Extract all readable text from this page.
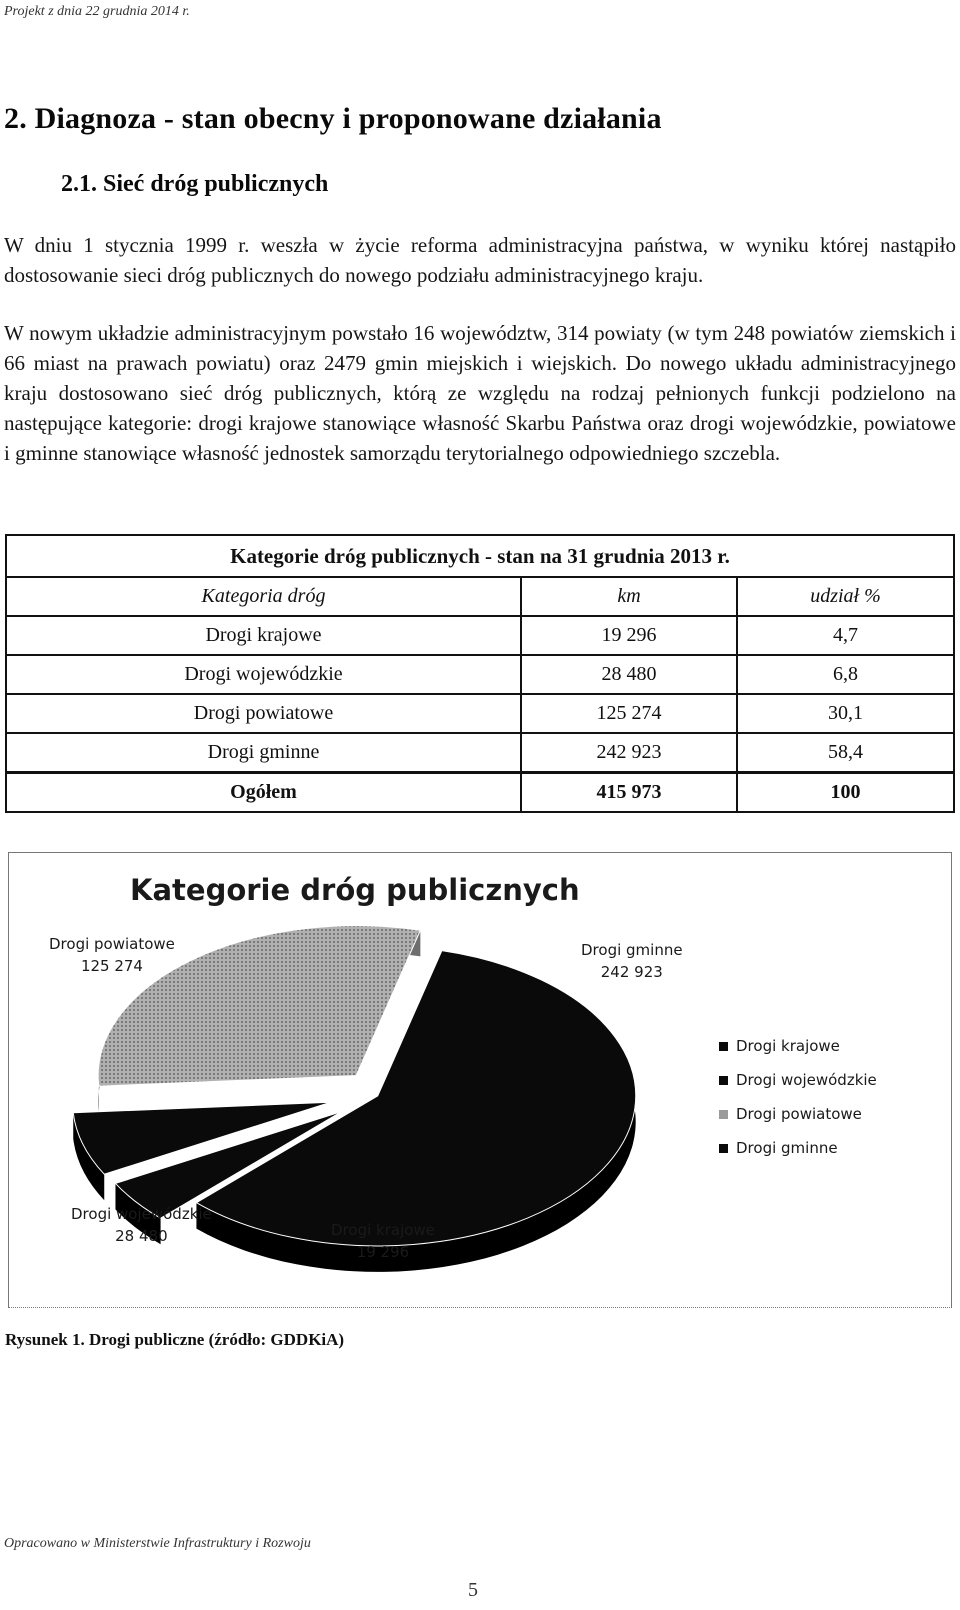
Projekt z dnia 22 grudnia 2014 r.
2. Diagnoza - stan obecny i proponowane działania
2.1. Sieć dróg publicznych

W dniu 1 stycznia 1999 r. weszła w życie reforma administracyjna państwa, w wyniku której nastąpiło dostosowanie sieci dróg publicznych do nowego podziału administracyjnego kraju.

W nowym układzie administracyjnym powstało 16 województw, 314 powiaty (w tym 248 powiatów ziemskich i 66 miast na prawach powiatu) oraz 2479 gmin miejskich i wiejskich. Do nowego układu administracyjnego kraju dostosowano sieć dróg publicznych, którą ze względu na rodzaj pełnionych funkcji podzielono na następujące kategorie: drogi krajowe stanowiące własność Skarbu Państwa oraz drogi wojewódzkie, powiatowe i gminne stanowiące własność jednostek samorządu terytorialnego odpowiedniego szczebla.

Kategorie dróg publicznych - stan na 31 grudnia 2013 r.		
Kategoria dróg	km	udział %
Drogi krajowe	19 296	4,7
Drogi wojewódzkie	28 480	6,8
Drogi powiatowe	125 274	30,1
Drogi gminne	242 923	58,4
Ogółem	415 973	100
Kategorie dróg publicznych
Drogi powiatowe
125 274
Drogi gminne
242 923
Drogi wojewódzkie
28 480	Drogi krajowe
19 296
Drogi krajowe
Drogi wojewódzkie
Drogi powiatowe
Drogi gminne
Rysunek 1. Drogi publiczne (źródło: GDDKiA)
Opracowano w Ministerstwie Infrastruktury i Rozwoju
5
